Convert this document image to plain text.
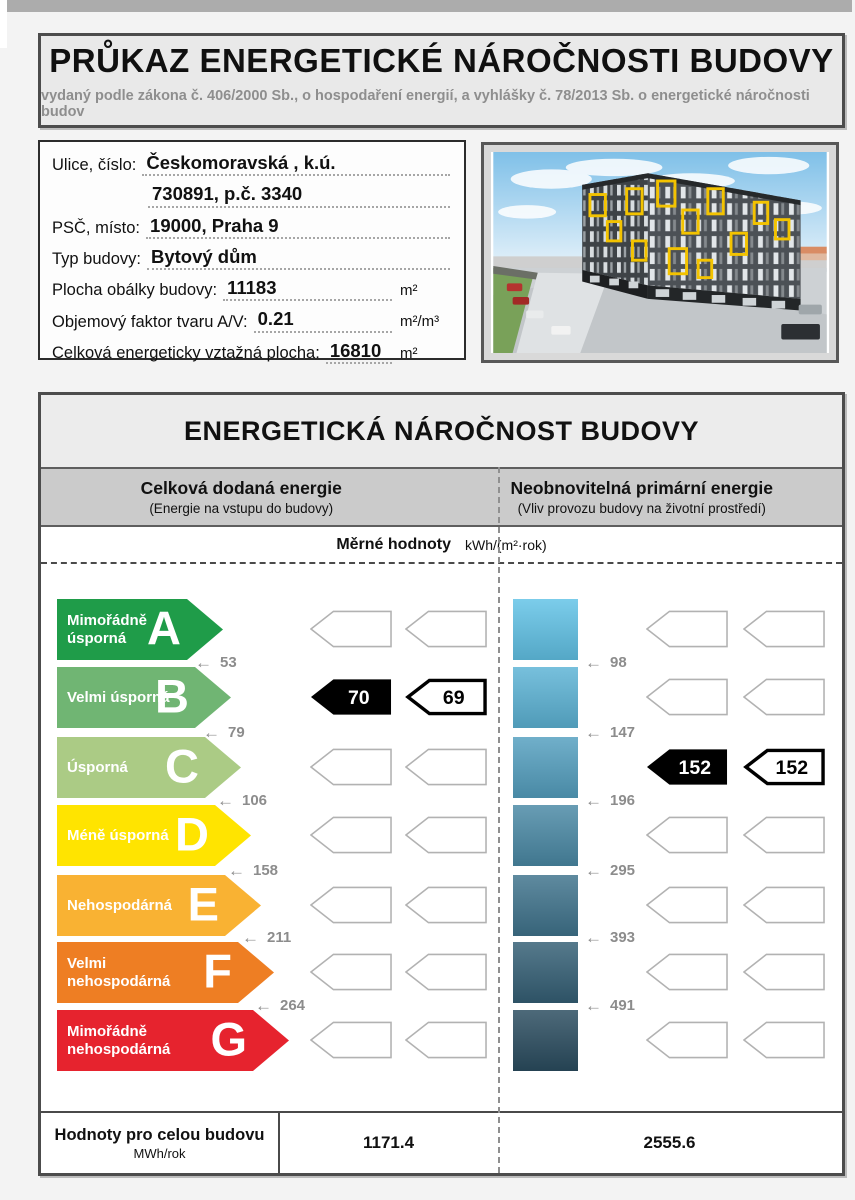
PRŮKAZ ENERGETICKÉ NÁROČNOSTI BUDOVY
vydaný podle zákona č. 406/2000 Sb., o hospodaření energií, a vyhlášky č. 78/2013 Sb. o energetické náročnosti budov
Ulice, číslo: Českomoravská , k.ú.
730891, p.č. 3340
PSČ, místo: 19000, Praha 9
Typ budovy: Bytový dům
Plocha obálky budovy: 11183	m²
Objemový faktor tvaru A/V: 0.21	m²/m³
Celková energeticky vztažná plocha: 16810	m²
ENERGETICKÁ NÁROČNOST BUDOVY
Celková dodaná energie
(Energie na vstupu do budovy)
Neobnovitelná primární energie
(Vliv provozu budovy na životní prostředí)
Měrné hodnoty kWh/(m²·rok)
Mimořádně úsporná A
Velmi úsporná
B
Úsporná C
Méně úsporná D
Nehospodárná E
Velmi nehospodárná F
Mimořádně nehospodárná G
← 53
← 79
← 106
← 158
← 211
← 264
70	69
← 98
← 147
← 196
← 295
← 393
← 491
152	152
Hodnoty pro celou budovu
MWh/rok
1171.4	2555.6
